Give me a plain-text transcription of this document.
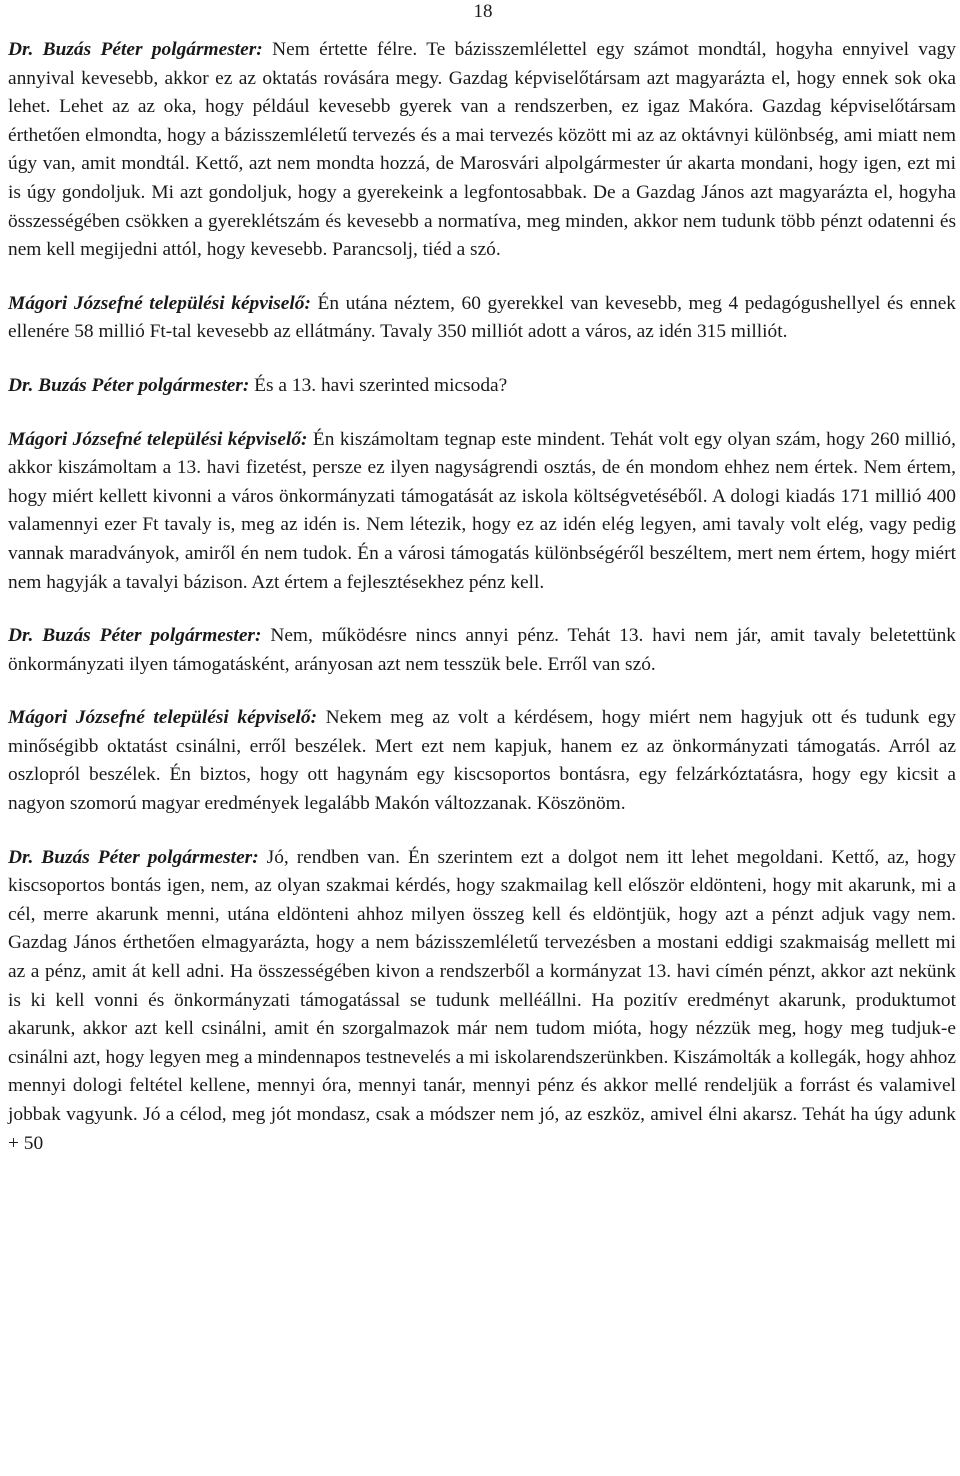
18

Dr. Buzás Péter polgármester: Nem értette félre. Te bázisszemlélettel egy számot mondtál, hogyha ennyivel vagy annyival kevesebb, akkor ez az oktatás rovására megy. Gazdag képviselőtársam azt magyarázta el, hogy ennek sok oka lehet. Lehet az az oka, hogy például kevesebb gyerek van a rendszerben, ez igaz Makóra. Gazdag képviselőtársam érthetően elmondta, hogy a bázisszemléletű tervezés és a mai tervezés között mi az az oktávnyi különbség, ami miatt nem úgy van, amit mondtál. Kettő, azt nem mondta hozzá, de Marosvári alpolgármester úr akarta mondani, hogy igen, ezt mi is úgy gondoljuk. Mi azt gondoljuk, hogy a gyerekeink a legfontosabbak. De a Gazdag János azt magyarázta el, hogyha összességében csökken a gyereklétszám és kevesebb a normatíva, meg minden, akkor nem tudunk több pénzt odatenni és nem kell megijedni attól, hogy kevesebb. Parancsolj, tiéd a szó.

Mágori Józsefné települési képviselő: Én utána néztem, 60 gyerekkel van kevesebb, meg 4 pedagógushellyel és ennek ellenére 58 millió Ft-tal kevesebb az ellátmány. Tavaly 350 milliót adott a város, az idén 315 milliót.

Dr. Buzás Péter polgármester: És a 13. havi szerinted micsoda?

Mágori Józsefné települési képviselő: Én kiszámoltam tegnap este mindent. Tehát volt egy olyan szám, hogy 260 millió, akkor kiszámoltam a 13. havi fizetést, persze ez ilyen nagyságrendi osztás, de én mondom ehhez nem értek. Nem értem, hogy miért kellett kivonni a város önkormányzati támogatását az iskola költségvetéséből. A dologi kiadás 171 millió 400 valamennyi ezer Ft tavaly is, meg az idén is. Nem létezik, hogy ez az idén elég legyen, ami tavaly volt elég, vagy pedig vannak maradványok, amiről én nem tudok. Én a városi támogatás különbségéről beszéltem, mert nem értem, hogy miért nem hagyják a tavalyi bázison. Azt értem a fejlesztésekhez pénz kell.

Dr. Buzás Péter polgármester: Nem, működésre nincs annyi pénz. Tehát 13. havi nem jár, amit tavaly beletettünk önkormányzati ilyen támogatásként, arányosan azt nem tesszük bele. Erről van szó.

Mágori Józsefné települési képviselő: Nekem meg az volt a kérdésem, hogy miért nem hagyjuk ott és tudunk egy minőségibb oktatást csinálni, erről beszélek. Mert ezt nem kapjuk, hanem ez az önkormányzati támogatás. Arról az oszlopról beszélek. Én biztos, hogy ott hagynám egy kiscsoportos bontásra, egy felzárkóztatásra, hogy egy kicsit a nagyon szomorú magyar eredmények legalább Makón változzanak. Köszönöm.

Dr. Buzás Péter polgármester: Jó, rendben van. Én szerintem ezt a dolgot nem itt lehet megoldani. Kettő, az, hogy kiscsoportos bontás igen, nem, az olyan szakmai kérdés, hogy szakmailag kell először eldönteni, hogy mit akarunk, mi a cél, merre akarunk menni, utána eldönteni ahhoz milyen összeg kell és eldöntjük, hogy azt a pénzt adjuk vagy nem. Gazdag János érthetően elmagyarázta, hogy a nem bázisszemléletű tervezésben a mostani eddigi szakmaiság mellett mi az a pénz, amit át kell adni. Ha összességében kivon a rendszerből a kormányzat 13. havi címén pénzt, akkor azt nekünk is ki kell vonni és önkormányzati támogatással se tudunk melléállni. Ha pozitív eredményt akarunk, produktumot akarunk, akkor azt kell csinálni, amit én szorgalmazok már nem tudom mióta, hogy nézzük meg, hogy meg tudjuk-e csinálni azt, hogy legyen meg a mindennapos testnevelés a mi iskolarendszerünkben. Kiszámolták a kollegák, hogy ahhoz mennyi dologi feltétel kellene, mennyi óra, mennyi tanár, mennyi pénz és akkor mellé rendeljük a forrást és valamivel jobbak vagyunk. Jó a célod, meg jót mondasz, csak a módszer nem jó, az eszköz, amivel élni akarsz. Tehát ha úgy adunk + 50
